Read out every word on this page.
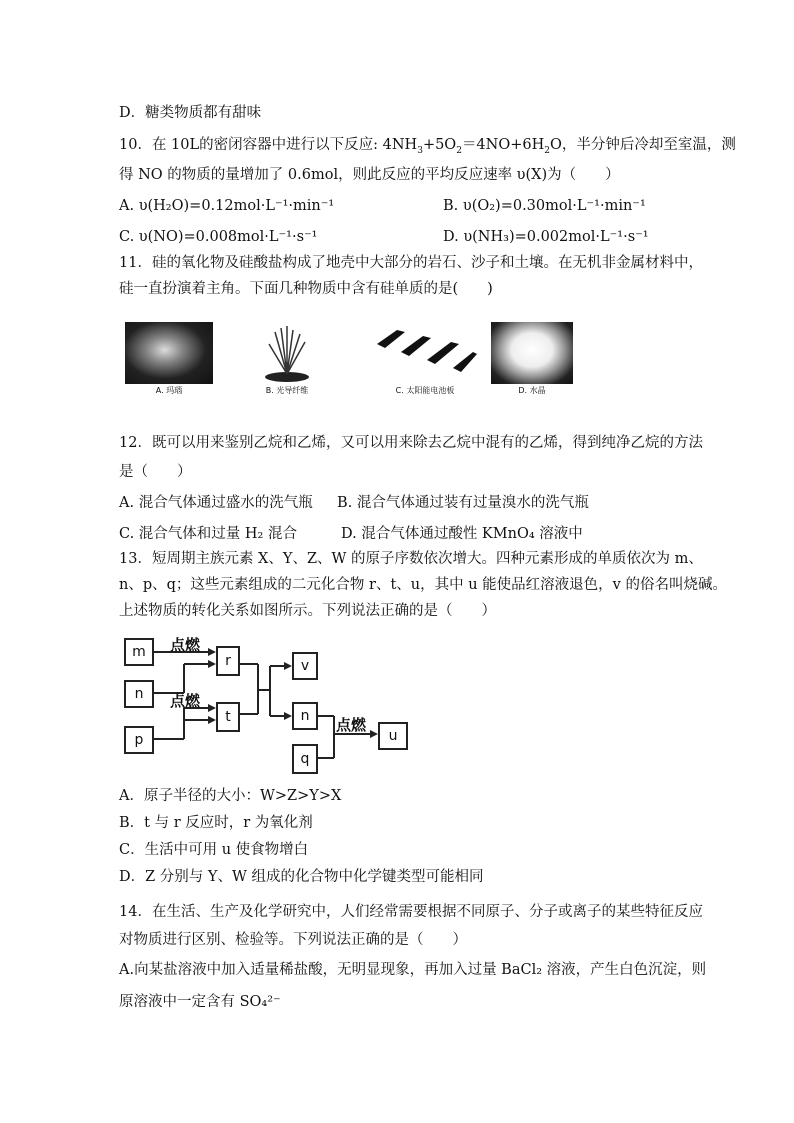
D．糖类物质都有甜味
10．在 10L的密闭容器中进行以下反应: $4NH_3+5O_2=4NO+6H_2O$，半分钟后冷却至室温，测
得 NO 的物质的量增加了 0.6mol，则此反应的平均反应速率 υ(X)为（　　）
A. υ(H₂O)=0.12mol·L⁻¹·min⁻¹	B. υ(O₂)=0.30mol·L⁻¹·min⁻¹
C. υ(NO)=0.008mol·L⁻¹·s⁻¹	D. υ(NH₃)=0.002mol·L⁻¹·s⁻¹
11．硅的氧化物及硅酸盐构成了地壳中大部分的岩石、沙子和土壤。在无机非金属材料中，
硅一直扮演着主角。下面几种物质中含有硅单质的是(　　)
A. 玛瑙	B. 光导纤维	C. 太阳能电池板	D. 水晶
12．既可以用来鉴别乙烷和乙烯，又可以用来除去乙烷中混有的乙烯，得到纯净乙烷的方法
是（　　）
A. 混合气体通过盛水的洗气瓶 B. 混合气体通过装有过量溴水的洗气瓶
C. 混合气体和过量 H₂ 混合	D. 混合气体通过酸性 KMnO₄ 溶液中
13．短周期主族元素 X、Y、Z、W 的原子序数依次增大。四种元素形成的单质依次为 m、
n、p、q；这些元素组成的二元化合物 r、t、u，其中 u 能使品红溶液退色，v 的俗名叫烧碱。
上述物质的转化关系如图所示。下列说法正确的是（　　）
m
n
p
点燃
点燃
r
t
v
n
q
点燃
u
A．原子半径的大小：W>Z>Y>X
B．t 与 r 反应时，r 为氧化剂
C．生活中可用 u 使食物增白
D．Z 分别与 Y、W 组成的化合物中化学键类型可能相同
14．在生活、生产及化学研究中，人们经常需要根据不同原子、分子或离子的某些特征反应
对物质进行区别、检验等。下列说法正确的是（　　）
A.向某盐溶液中加入适量稀盐酸，无明显现象，再加入过量 BaCl₂ 溶液，产生白色沉淀，则
原溶液中一定含有 SO₄²⁻
